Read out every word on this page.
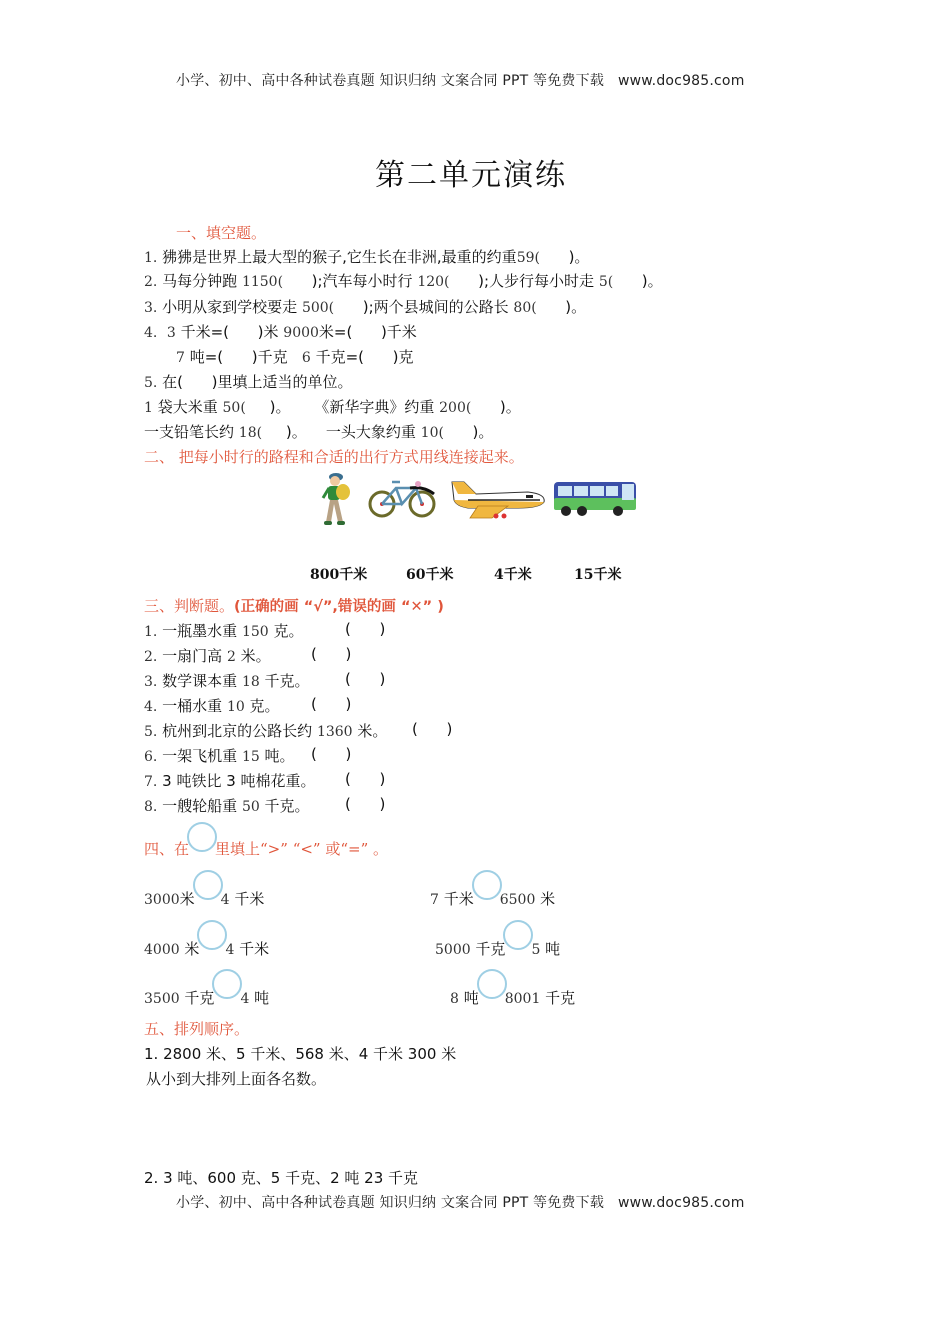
小学、初中、高中各种试卷真题 知识归纳 文案合同 PPT 等免费下载 www.doc985.com
第二单元演练
一、填空题。
1. 狒狒是世界上最大型的猴子,它生长在非洲,最重的约重59(      )。
2. 马每分钟跑 1150(      );汽车每小时行 120(      );人步行每小时走 5(      )。
3. 小明从家到学校要走 500(      );两个县城间的公路长 80(      )。
4. 3 千米=(      )米 9000米=(      )千米
7 吨=(      )千克 6 千克=(      )克
5. 在(      )里填上适当的单位。
1 袋大米重 50(     )。 《新华字典》约重 200(      )。
一支铅笔长约 18(     )。 一头大象约重 10(      )。
二、 把每小时行的路程和合适的出行方式用线连接起来。
800千米	60千米	4千米	15千米
三、判断题。(正确的画 “√”,错误的画 “✕” )
1. 一瓶墨水重 150 克。	(      )
2. 一扇门高 2 米。	(      )
3. 数学课本重 18 千克。 (      )
4. 一桶水重 10 克。 (      )
5. 杭州到北京的公路长约 1360 米。 (      )
6. 一架飞机重 15 吨。 (      )
7. 3 吨铁比 3 吨棉花重。 (      )
8. 一艘轮船重 50 千克。 (      )
四、在 里填上“>” “<” 或“=” 。
3000米 4 千米	7 千米 6500 米
4000 米 4 千米	5000 千克 5 吨
3500 千克 4 吨	8 吨 8001 千克
五、排列顺序。
1. 2800 米、5 千米、568 米、4 千米 300 米
从小到大排列上面各名数。
2. 3 吨、600 克、5 千克、2 吨 23 千克
小学、初中、高中各种试卷真题 知识归纳 文案合同 PPT 等免费下载 www.doc985.com
